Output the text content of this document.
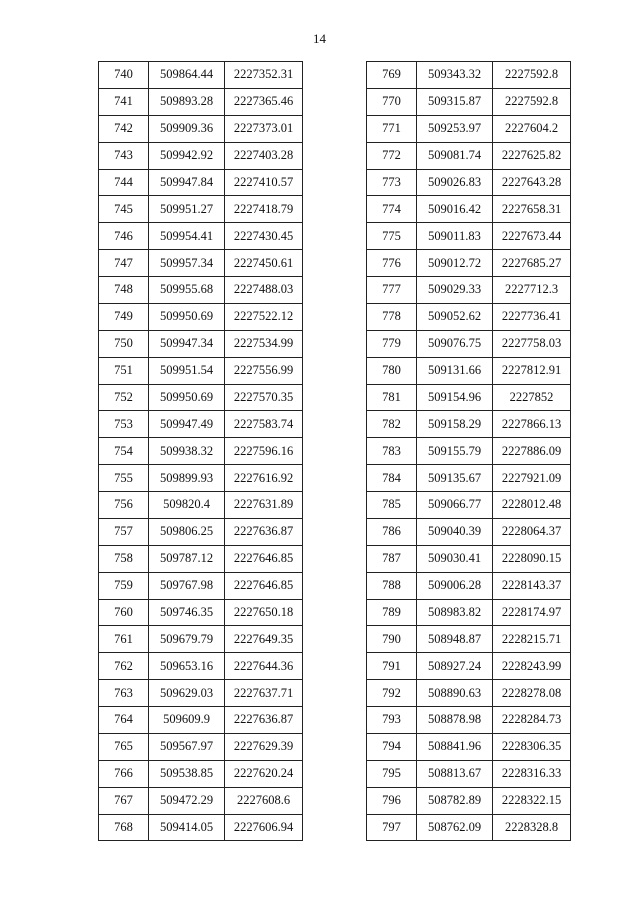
14
740	509864.44	2227352.31
741	509893.28	2227365.46
742	509909.36	2227373.01
743	509942.92	2227403.28
744	509947.84	2227410.57
745	509951.27	2227418.79
746	509954.41	2227430.45
747	509957.34	2227450.61
748	509955.68	2227488.03
749	509950.69	2227522.12
750	509947.34	2227534.99
751	509951.54	2227556.99
752	509950.69	2227570.35
753	509947.49	2227583.74
754	509938.32	2227596.16
755	509899.93	2227616.92
756	509820.4	2227631.89
757	509806.25	2227636.87
758	509787.12	2227646.85
759	509767.98	2227646.85
760	509746.35	2227650.18
761	509679.79	2227649.35
762	509653.16	2227644.36
763	509629.03	2227637.71
764	509609.9	2227636.87
765	509567.97	2227629.39
766	509538.85	2227620.24
767	509472.29	2227608.6
768	509414.05	2227606.94
769	509343.32	2227592.8
770	509315.87	2227592.8
771	509253.97	2227604.2
772	509081.74	2227625.82
773	509026.83	2227643.28
774	509016.42	2227658.31
775	509011.83	2227673.44
776	509012.72	2227685.27
777	509029.33	2227712.3
778	509052.62	2227736.41
779	509076.75	2227758.03
780	509131.66	2227812.91
781	509154.96	2227852
782	509158.29	2227866.13
783	509155.79	2227886.09
784	509135.67	2227921.09
785	509066.77	2228012.48
786	509040.39	2228064.37
787	509030.41	2228090.15
788	509006.28	2228143.37
789	508983.82	2228174.97
790	508948.87	2228215.71
791	508927.24	2228243.99
792	508890.63	2228278.08
793	508878.98	2228284.73
794	508841.96	2228306.35
795	508813.67	2228316.33
796	508782.89	2228322.15
797	508762.09	2228328.8
